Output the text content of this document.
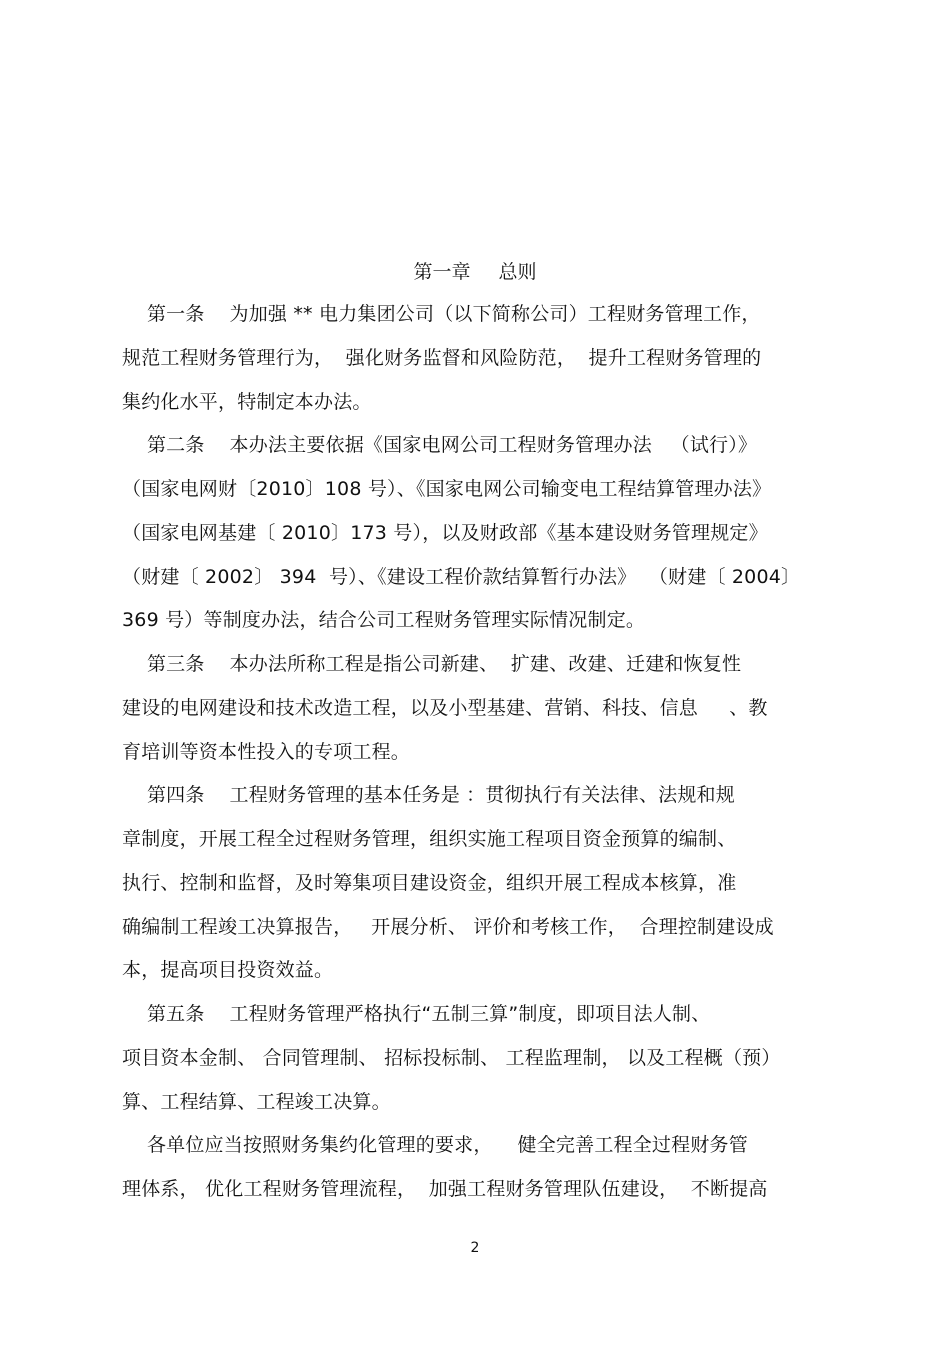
第一章 总则
第一条    为加强 ** 电力集团公司（以下简称公司）工程财务管理工作，
规范工程财务管理行为，  强化财务监督和风险防范，  提升工程财务管理的
集约化水平，特制定本办法。
第二条    本办法主要依据《国家电网公司工程财务管理办法   （试行）》
（国家电网财〔2010〕108 号）、《国家电网公司输变电工程结算管理办法》
（国家电网基建〔 2010〕173 号），以及财政部《基本建设财务管理规定》
（财建〔 2002〕 394  号）、《建设工程价款结算暂行办法》  （财建〔 2004〕
369 号）等制度办法，结合公司工程财务管理实际情况制定。
第三条    本办法所称工程是指公司新建、  扩建、改建、迁建和恢复性
建设的电网建设和技术改造工程，以及小型基建、营销、科技、信息     、教
育培训等资本性投入的专项工程。
第四条    工程财务管理的基本任务是 ：贯彻执行有关法律、法规和规
章制度，开展工程全过程财务管理，组织实施工程项目资金预算的编制、
执行、控制和监督，及时筹集项目建设资金，组织开展工程成本核算，准
确编制工程竣工决算报告，   开展分析、 评价和考核工作，  合理控制建设成
本，提高项目投资效益。
第五条    工程财务管理严格执行“五制三算”制度，即项目法人制、
项目资本金制、 合同管理制、 招标投标制、 工程监理制， 以及工程概（预）
算、工程结算、工程竣工决算。
各单位应当按照财务集约化管理的要求，    健全完善工程全过程财务管
理体系， 优化工程财务管理流程，  加强工程财务管理队伍建设，  不断提高
2
